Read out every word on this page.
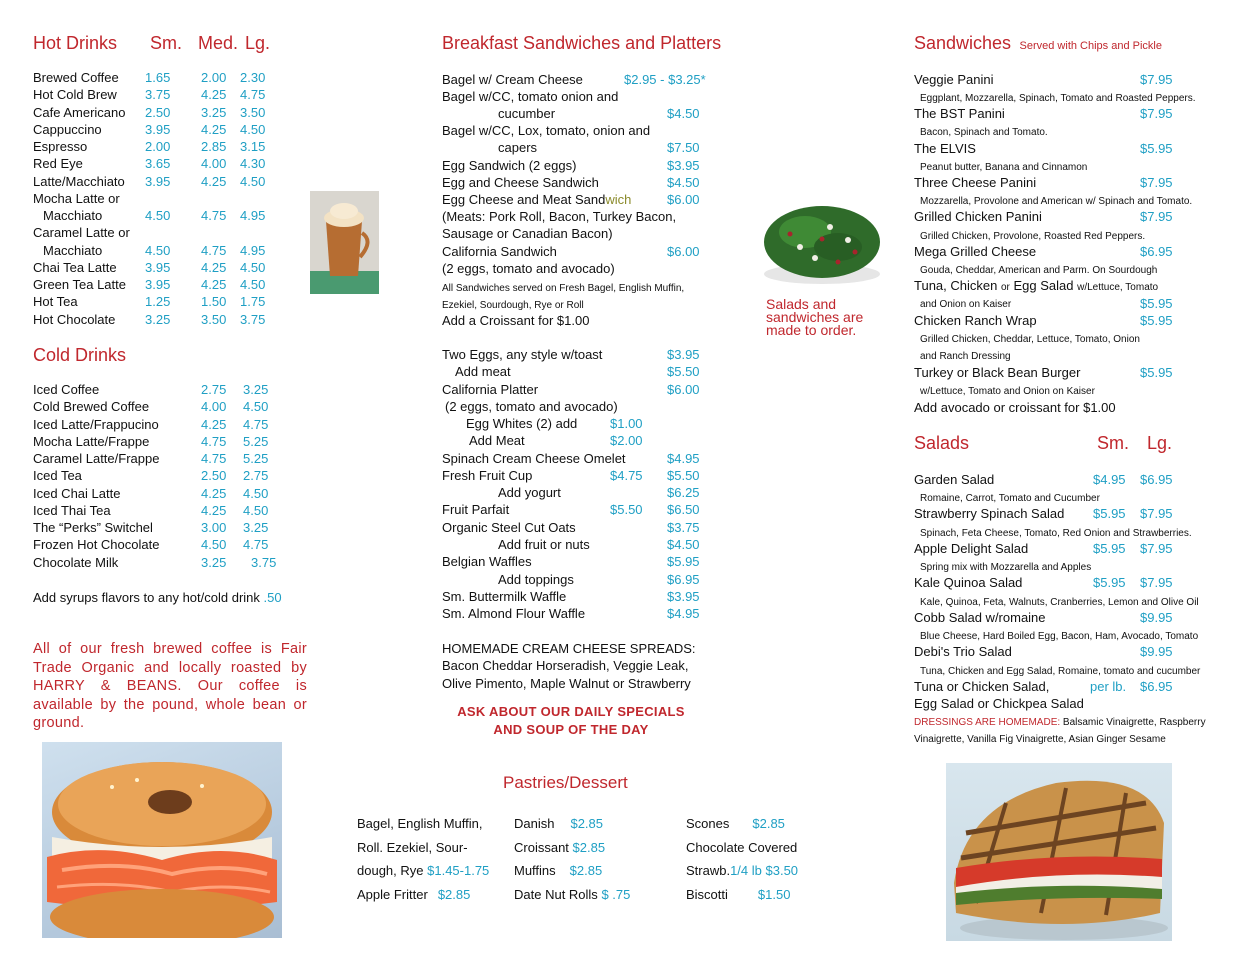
Hot Drinks Sm. Med. Lg.
Brewed Coffee 1.65 2.00 2.30
Hot Cold Brew 3.75 4.25 4.75
Cafe Americano 2.50 3.25 3.50
Cappuccino	3.95 4.25 4.50
Espresso	2.00 2.85 3.15
Red Eye	3.65 4.00 4.30
Latte/Macchiato 3.95 4.25 4.50
Mocha Latte or
Macchiato	4.50 4.75 4.95
Caramel Latte or
Macchiato	4.50 4.75 4.95
Chai Tea Latte 3.95 4.25 4.50
Green Tea Latte 3.95 4.25 4.50
Hot Tea	1.25 1.50 1.75
Hot Chocolate 3.25 3.50 3.75
Cold Drinks
Iced Coffee	2.75 3.25
Cold Brewed Coffee	4.00 4.50
Iced Latte/Frappucino	4.25 4.75
Mocha Latte/Frappe	4.75 5.25
Caramel Latte/Frappe	4.75 5.25
Iced Tea	2.50 2.75
Iced Chai Latte	4.25 4.50
Iced Thai Tea	4.25 4.50
The “Perks” Switchel	3.00 3.25
Frozen Hot Chocolate	4.50 4.75
Chocolate Milk	3.25 3.75
Add syrups flavors to any hot/cold drink .50
All of our fresh brewed coffee is Fair Trade Organic and locally roasted by HARRY & BEANS. Our coffee is available by the pound, whole bean or ground.
Breakfast Sandwiches and Platters
Bagel w/ Cream Cheese	$2.95 - $3.25*
Bagel w/CC, tomato onion and
cucumber	$4.50
Bagel w/CC, Lox, tomato, onion and
capers	$7.50
Egg Sandwich (2 eggs)	$3.95
Egg and Cheese Sandwich	$4.50
Egg Cheese and Meat Sandwich	$6.00
(Meats: Pork Roll, Bacon, Turkey Bacon,
Sausage or Canadian Bacon)
California Sandwich	$6.00
(2 eggs, tomato and avocado)
All Sandwiches served on Fresh Bagel, English Muffin,
Ezekiel, Sourdough, Rye or Roll
Add a Croissant for $1.00
Two Eggs, any style w/toast	$3.95
Add meat	$5.50
California Platter	$6.00
(2 eggs, tomato and avocado)
Egg Whites (2) add	$1.00
Add Meat	$2.00
Spinach Cream Cheese Omelet	$4.95
Fresh Fruit Cup	$4.75 $5.50
Add yogurt	$6.25
Fruit Parfait	$5.50 $6.50
Organic Steel Cut Oats	$3.75
Add fruit or nuts	$4.50
Belgian Waffles	$5.95
Add toppings	$6.95
Sm. Buttermilk Waffle	$3.95
Sm. Almond Flour Waffle	$4.95
HOMEMADE CREAM CHEESE SPREADS:
Bacon Cheddar Horseradish, Veggie Leak,
Olive Pimento, Maple Walnut or Strawberry
ASK ABOUT OUR DAILY SPECIALS
AND SOUP OF THE DAY
Pastries/Dessert
Bagel, English Muffin,
Roll. Ezekiel, Sour-
dough, Rye $1.45-1.75
Apple Fritter $2.85
Danish $2.85
Croissant $2.85
Muffins $2.85
Date Nut Rolls $ .75
Scones $2.85
Chocolate Covered
Strawb.1/4 lb $3.50
Biscotti $1.50
Salads and sandwiches are made to order.
Sandwiches Served with Chips and Pickle
Veggie Panini	$7.95
Eggplant, Mozzarella, Spinach, Tomato and Roasted Peppers.
The BST Panini	$7.95
Bacon, Spinach and Tomato.
The ELVIS	$5.95
Peanut butter, Banana and Cinnamon
Three Cheese Panini	$7.95
Mozzarella, Provolone and American w/ Spinach and Tomato.
Grilled Chicken Panini	$7.95
Grilled Chicken, Provolone, Roasted Red Peppers.
Mega Grilled Cheese	$6.95
Gouda, Cheddar, American and Parm. On Sourdough
Tuna, Chicken or Egg Salad w/Lettuce, Tomato
and Onion on Kaiser	$5.95
Chicken Ranch Wrap	$5.95
Grilled Chicken, Cheddar, Lettuce, Tomato, Onion
and Ranch Dressing
Turkey or Black Bean Burger	$5.95
w/Lettuce, Tomato and Onion on Kaiser
Add avocado or croissant for $1.00
Salads	Sm. Lg.
Garden Salad	$4.95 $6.95
Romaine, Carrot, Tomato and Cucumber
Strawberry Spinach Salad $5.95 $7.95
Spinach, Feta Cheese, Tomato, Red Onion and Strawberries.
Apple Delight Salad	$5.95 $7.95
Spring mix with Mozzarella and Apples
Kale Quinoa Salad	$5.95 $7.95
Kale, Quinoa, Feta, Walnuts, Cranberries, Lemon and Olive Oil
Cobb Salad w/romaine	$9.95
Blue Cheese, Hard Boiled Egg, Bacon, Ham, Avocado, Tomato
Debi's Trio Salad	$9.95
Tuna, Chicken and Egg Salad, Romaine, tomato and cucumber
Tuna or Chicken Salad,	per lb. $6.95
Egg Salad or Chickpea Salad
DRESSINGS ARE HOMEMADE: Balsamic Vinaigrette, Raspberry
Vinaigrette, Vanilla Fig Vinaigrette, Asian Ginger Sesame
